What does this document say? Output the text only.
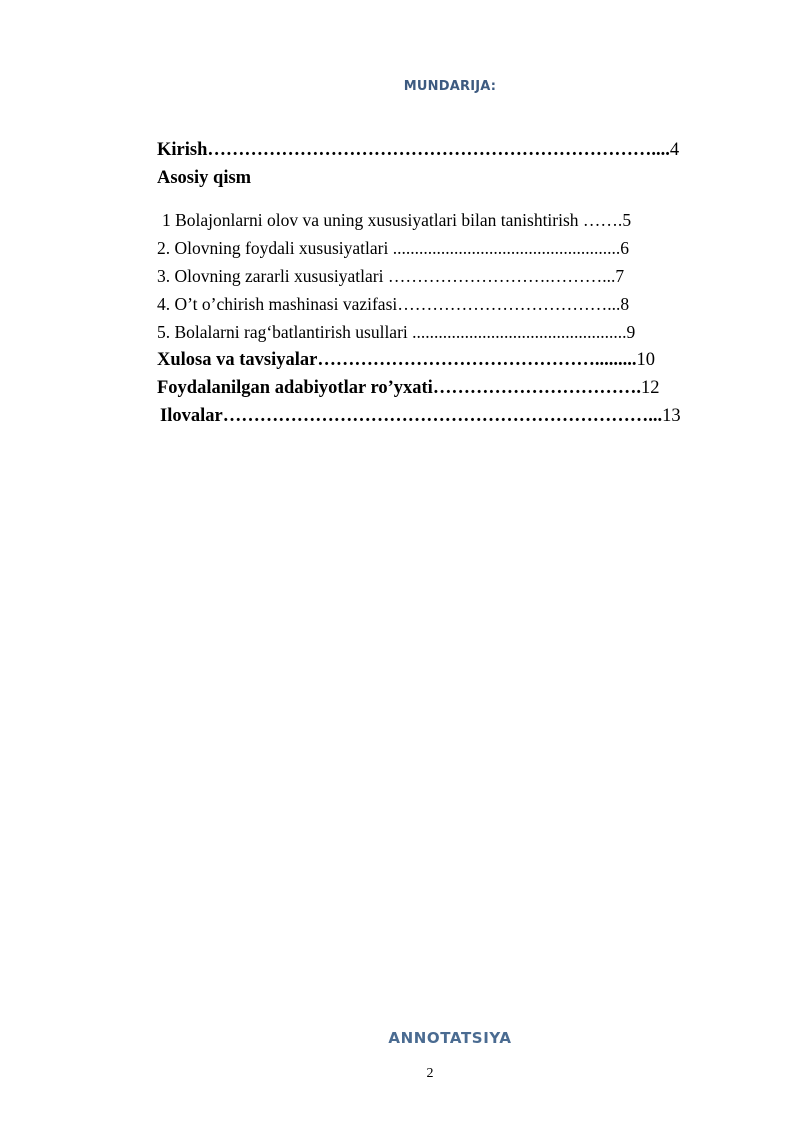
MUNDARIJA:
Kirish………………………………………………………………....4
Asosiy qism
1 Bolajonlarni olov va uning xususiyatlari bilan tanishtirish …….5
2. Olovning foydali xususiyatlari ....................................................6
3. Olovning zararli xususiyatlari ……………………….………...7
4. O’t o’chirish mashinasi vazifasi………………………………...8
5. Bolalarni rag‘batlantirish usullari .................................................9
Xulosa va tavsiyalar……………………………………….........10
Foydalanilgan adabiyotlar ro’yxati…………………………….12
Ilovalar……………………………………………………………...13
ANNOTATSIYA
2
